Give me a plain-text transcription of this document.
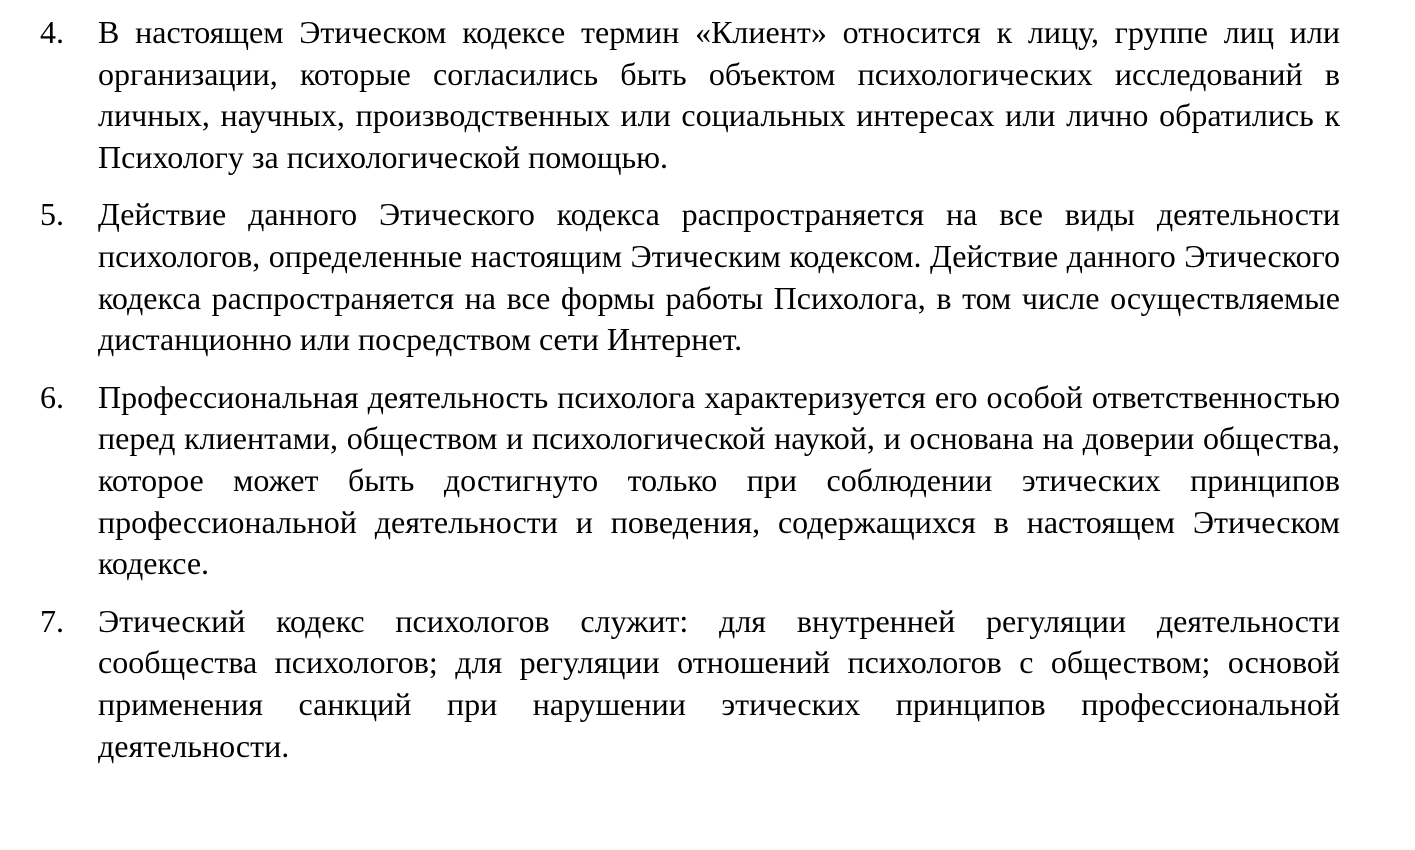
4. В настоящем Этическом кодексе термин «Клиент» относится к лицу, группе лиц или организации, которые согласились быть объектом психологических исследований в личных, научных, производственных или социальных интересах или лично обратились к Психологу за психологической помощью.
5. Действие данного Этического кодекса распространяется на все виды деятельности психологов, определенные настоящим Этическим кодексом. Действие данного Этического кодекса распространяется на все формы работы Психолога, в том числе осуществляемые дистанционно или посредством сети Интернет.
6. Профессиональная деятельность психолога характеризуется его особой ответственностью перед клиентами, обществом и психологической наукой, и основана на доверии общества, которое может быть достигнуто только при соблюдении этических принципов профессиональной деятельности и поведения, содержащихся в настоящем Этическом кодексе.
7. Этический кодекс психологов служит: для внутренней регуляции деятельности сообщества психологов; для регуляции отношений психологов с обществом; основой применения санкций при нарушении этических принципов профессиональной деятельности.
